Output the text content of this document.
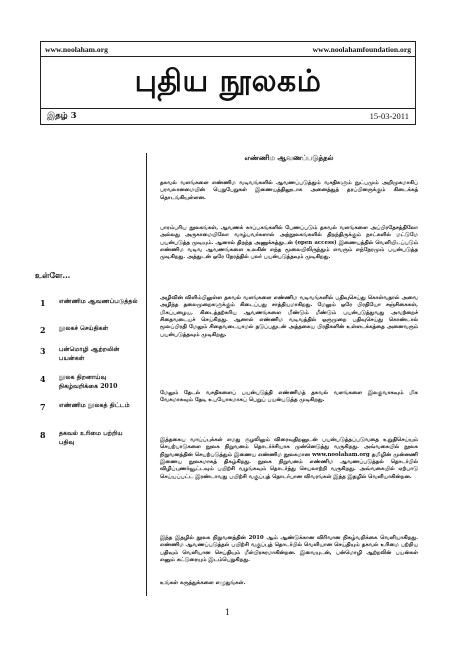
www.noolaham.org	www.noolahamfoundation.org
புதிய நூலகம்
இதழ் 3	15-03-2011
உள்ளே…
1 எண்ணிம ஆவணப்படுத்தல்
2 நூலகச் செய்திகள்
3 பன்மொழி ஆற்றலின் பயன்கள்
4 நூலக திறனாய்வு நிகழ்வறிக்கை 2010
7 எண்ணிம நூலகத் திட்டம்
8 தகவல் உரிமை பற்றிய பதிவு
எண்ணிம ஆவணப்படுத்தல்

தகவல் வளங்களை எண்ணிம வடிவங்களில் ஆவணப்படுத்தும் வசதிகளும் நுட்பமும் அறிமுகமாகிப் பரவலானமையின் பெறுபேறுகள் இணையத்திலூடாக அனைத்துத் தரப்பினருக்கும் கிடைக்கத் தொடங்கியுள்ளன.

பாரம்பரிய நூலகங்கள், ஆவணக் காப்பகங்களில் பேணப்படும் தகவல் வளங்களை அப்பிரதேசத்திலோ அல்லது அருகாமையிலோ வாழ்பவர்களால் அந்நூலகங்களில் திறந்திருக்கும் நாட்களில் மட்டுமே பயன்படுத்த முடியும். ஆனால் திறந்த அணுக்கத்துடன் (open access) இணையத்தில் வெளியிடப்படும் எண்ணிம வடிவ ஆவணங்களை உலகின் எந்த மூலையிலிருந்தும் எவரும் எந்நேரமும் பயன்படுத்த முடிகிறது. அத்துடன் ஒரே நேரத்தில் பலர் பயன்படுத்தவும் முடிகிறது.

அழிவின் விளிம்பிலுள்ள தகவல் வளங்களை எண்ணிம வடிவங்களில் பதிவுசெய்து கொள்வதால் அவை அழிந்த தலைமுறைகளுக்கும் கிடைப்பது சாத்தியமாகிறது. மேலும் ஒரே பிரதியோ சஞ்சிகைகள், மிகப்பழைய, கிடைத்தற்கரிய ஆவணங்களை மீண்டும் மீண்டும் பயன்படுத்துவது அவற்றைச் சிதைவடையச் செய்கிறது. ஆனால் எண்ணிம வடிவத்தில் ஒருமுறை பதிவுசெய்து கொண்டால் மூலப்பிரதி மேலும் சிதைவடையாமல் தடுப்பதுடன் அத்தகைய பிரதிகளின் உள்ளடக்கத்தை அனைவரும் பயன்படுத்தவும் முடிகிறது.

மேலும் தேடல் வசதிகளைப் பயன்படுத்தி எண்ணிமத் தகவல் வளங்களை இலகுவாகவும் மிக வேகமாகவும் தேடி உபயோகமாகப் பெறுப் பயன்படுத்த முடிகிறது.

இத்தகைய வாய்ப்புக்கள் எமது சூழலிலும் விரைவுதிறனுடன் பயன்படுத்தப்படுவதை உறுதிசெய்யும் செயற்பாடுகளை நூலக நிறுவனம் தொடர்ச்சியாக முன்னெடுத்து வருகிறது. அவ்வகையில் நூலக நிறுவனத்தின் செயற்படுத்தும் இணைய எண்ணிம நூலகமான www.noolaham.org தமிழின் முன்னணி இணைய நூலகமாகத் திகழ்கிறது. நூலக நிறுவனம் எண்ணிம ஆவணப்படுத்தல் தொடர்பில் விழிப்புணர்வூட்டவும் பயிற்சி வழங்கவும் தொடர்ந்து செயலாற்றி வருகிறது. அவ்வகையில் ஏற்பாடு செய்யப்பட்ட இரண்டாவது பயிற்சி வகுப்புத் தொடர்பான விவரங்கள் இந்த இதழில் வெளியாகின்றன.

இந்த இதழில் நூலக நிறுவனத்தின் 2010 ஆம் ஆண்டுக்கான விரிவான நிகழ்வறிக்கை வெளியாகிறது. எண்ணிம ஆவணப்படுத்தல் பயிற்சி வகுப்புத் தொடர்பில் வெளியான செய்தியும் தகவல் உரிமை பற்றிய பதிவும் வெளியான செய்தியும் மீள்பிரசுரமாகின்றன. இவையுடன், பன்மொழி ஆற்றலின் பயன்கள் எனும் கட்டுரையும் இடம்பெறுகிறது.

உங்கள் கருத்துக்களை எழுதுங்கள்.

1
